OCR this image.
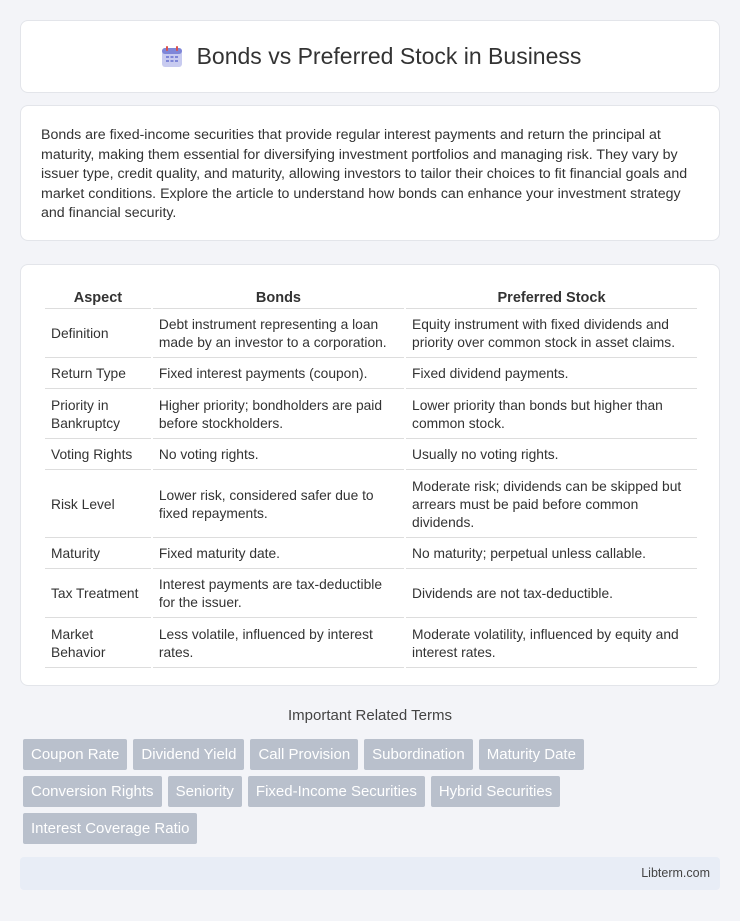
Bonds vs Preferred Stock in Business

Bonds are fixed-income securities that provide regular interest payments and return the principal at maturity, making them essential for diversifying investment portfolios and managing risk. They vary by issuer type, credit quality, and maturity, allowing investors to tailor their choices to fit financial goals and market conditions. Explore the article to understand how bonds can enhance your investment strategy and financial security.

Aspect	Bonds	Preferred Stock
Definition	Debt instrument representing a loan made by an investor to a corporation.	Equity instrument with fixed dividends and priority over common stock in asset claims.
Return Type	Fixed interest payments (coupon).	Fixed dividend payments.
Priority in Bankruptcy	Higher priority; bondholders are paid before stockholders.	Lower priority than bonds but higher than common stock.
Voting Rights	No voting rights.	Usually no voting rights.
Risk Level	Lower risk, considered safer due to fixed repayments.	Moderate risk; dividends can be skipped but arrears must be paid before common dividends.
Maturity	Fixed maturity date.	No maturity; perpetual unless callable.
Tax Treatment	Interest payments are tax-deductible for the issuer.	Dividends are not tax-deductible.
Market Behavior	Less volatile, influenced by interest rates.	Moderate volatility, influenced by equity and interest rates.
Important Related Terms
Coupon Rate	Dividend Yield	Call Provision	Subordination	Maturity Date
Conversion Rights	Seniority	Fixed-Income Securities	Hybrid Securities
Interest Coverage Ratio
Libterm.com
